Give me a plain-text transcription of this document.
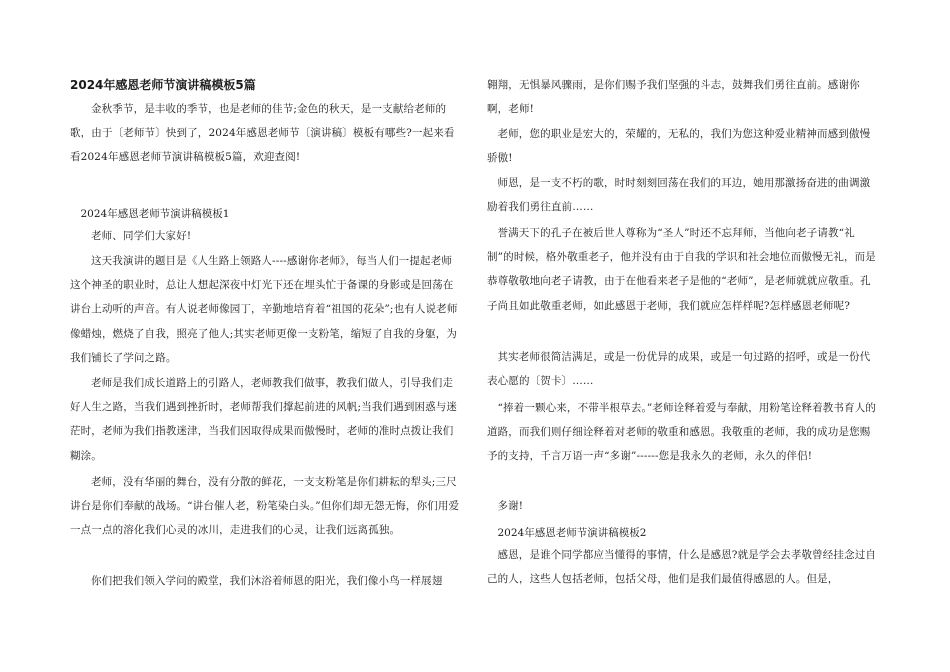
2024年感恩老师节演讲稿模板5篇

金秋季节，是丰收的季节，也是老师的佳节;金色的秋天，是一支献给老师的歌，由于〔老师节〕快到了，2024年感恩老师节〔演讲稿〕模板有哪些?一起来看看2024年感恩老师节演讲稿模板5篇，欢迎查阅!

2024年感恩老师节演讲稿模板1

老师、同学们大家好!

这天我演讲的题目是《人生路上领路人----感谢你老师》，每当人们一提起老师这个神圣的职业时，总让人想起深夜中灯光下还在埋头忙于备课的身影或是回荡在讲台上动听的声音。有人说老师像园丁，辛勤地培育着“祖国的花朵”;也有人说老师像蜡烛，燃烧了自我，照亮了他人;其实老师更像一支粉笔，缩短了自我的身躯，为我们铺长了学问之路。

老师是我们成长道路上的引路人，老师教我们做事，教我们做人，引导我们走好人生之路，当我们遇到挫折时，老师帮我们撑起前进的风帆;当我们遇到困惑与迷茫时，老师为我们指教迷津，当我们因取得成果而傲慢时，老师的准时点拨让我们糊涂。

老师，没有华丽的舞台，没有分散的鲜花，一支支粉笔是你们耕耘的犁头;三尺讲台是你们奉献的战场。“讲台催人老，粉笔染白头。”但你们却无怨无悔，你们用爱一点一点的溶化我们心灵的冰川，走进我们的心灵，让我们远离孤独。

你们把我们领入学问的殿堂，我们沐浴着师恩的阳光，我们像小鸟一样展翅

翱翔，无惧暴风骤雨，是你们赐予我们坚强的斗志，鼓舞我们勇往直前。感谢你啊，老师!

老师，您的职业是宏大的，荣耀的，无私的，我们为您这种爱业精神而感到傲慢骄傲!

师恩，是一支不朽的歌，时时刻刻回荡在我们的耳边，她用那激扬奋进的曲调激励着我们勇往直前……

誉满天下的孔子在被后世人尊称为“圣人”时还不忘拜师，当他向老子请教“礼制”的时候，格外敬重老子，他并没有由于自我的学识和社会地位而傲慢无礼，而是恭尊敬敬地向老子请教，由于在他看来老子是他的“老师”，是老师就就应敬重。孔子尚且如此敬重老师，如此感恩于老师，我们就应怎样样呢?怎样感恩老师呢?

其实老师很简洁满足，或是一份优异的成果，或是一句过路的招呼，或是一份代表心愿的〔贺卡〕……

“捧着一颗心来，不带半根草去。”老师诠释着爱与奉献，用粉笔诠释着教书育人的道路，而我们则仔细诠释着对老师的敬重和感恩。我敬重的老师，我的成功是您赐予的支持，千言万语一声“多谢”------您是我永久的老师，永久的伴侣!

多谢!

2024年感恩老师节演讲稿模板2

感恩，是谁个同学都应当懂得的事情，什么是感恩?就是学会去孝敬曾经挂念过自己的人，这些人包括老师，包括父母，他们是我们最值得感恩的人。但是，
